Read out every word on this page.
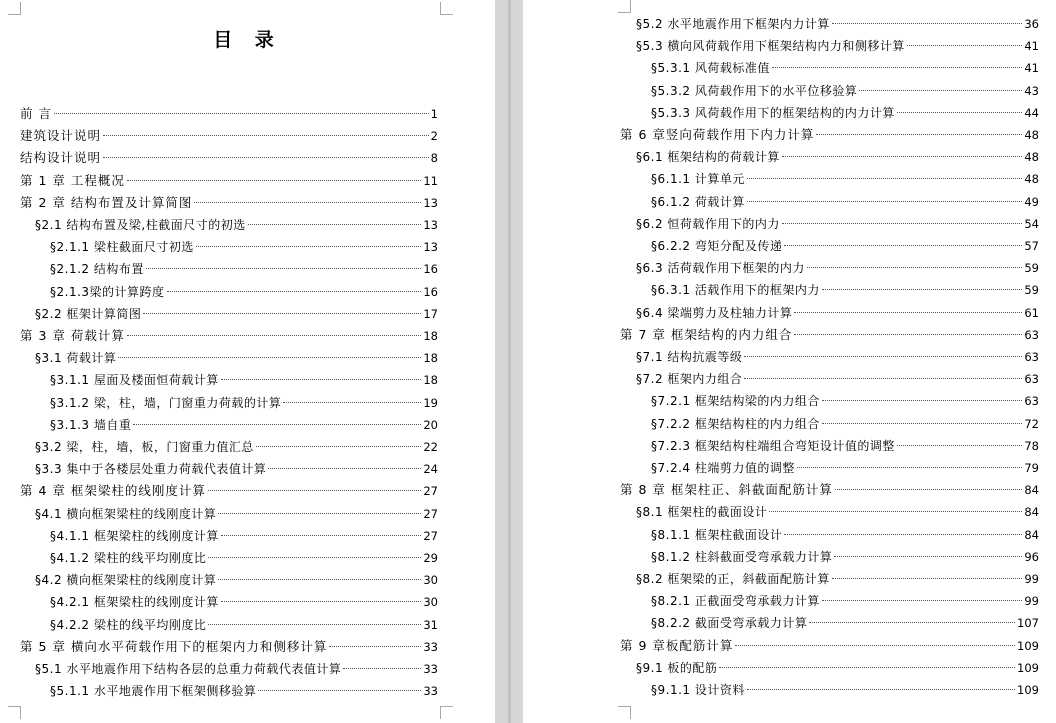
目 录
前 言	1
建筑设计说明	2
结构设计说明	8
第 1 章 工程概况	11
第 2 章 结构布置及计算简图	13
§2.1 结构布置及梁,柱截面尺寸的初选	13
§2.1.1 梁柱截面尺寸初选	13
§2.1.2 结构布置	16
§2.1.3梁的计算跨度	16
§2.2 框架计算简图	17
第 3 章 荷载计算	18
§3.1 荷载计算	18
§3.1.1 屋面及楼面恒荷载计算	18
§3.1.2 梁，柱，墙，门窗重力荷载的计算	19
§3.1.3 墙自重	20
§3.2 梁，柱，墙，板，门窗重力值汇总	22
§3.3 集中于各楼层处重力荷载代表值计算	24
第 4 章 框架梁柱的线刚度计算	27
§4.1 横向框架梁柱的线刚度计算	27
§4.1.1 框架梁柱的线刚度计算	27
§4.1.2 梁柱的线平均刚度比	29
§4.2 横向框架梁柱的线刚度计算	30
§4.2.1 框架梁柱的线刚度计算	30
§4.2.2 梁柱的线平均刚度比	31
第 5 章 横向水平荷载作用下的框架内力和侧移计算	33
§5.1 水平地震作用下结构各层的总重力荷载代表值计算	33
§5.1.1 水平地震作用下框架侧移验算	33
§5.2 水平地震作用下框架内力计算	36
§5.3 横向风荷载作用下框架结构内力和侧移计算	41
§5.3.1 风荷载标准值	41
§5.3.2 风荷载作用下的水平位移验算	43
§5.3.3 风荷载作用下的框架结构的内力计算	44
第 6 章竖向荷载作用下内力计算	48
§6.1 框架结构的荷载计算	48
§6.1.1 计算单元	48
§6.1.2 荷载计算	49
§6.2 恒荷载作用下的内力	54
§6.2.2 弯矩分配及传递	57
§6.3 活荷载作用下框架的内力	59
§6.3.1 活载作用下的框架内力	59
§6.4 梁端剪力及柱轴力计算	61
第 7 章 框架结构的内力组合	63
§7.1 结构抗震等级	63
§7.2 框架内力组合	63
§7.2.1 框架结构梁的内力组合	63
§7.2.2 框架结构柱的内力组合	72
§7.2.3 框架结构柱端组合弯矩设计值的调整	78
§7.2.4 柱端剪力值的调整	79
第 8 章 框架柱正、斜截面配筋计算	84
§8.1 框架柱的截面设计	84
§8.1.1 框架柱截面设计	84
§8.1.2 柱斜截面受弯承载力计算	96
§8.2 框架梁的正，斜截面配筋计算	99
§8.2.1 正截面受弯承载力计算	99
§8.2.2 截面受弯承载力计算	107
第 9 章板配筋计算	109
§9.1 板的配筋	109
§9.1.1 设计资料	109
